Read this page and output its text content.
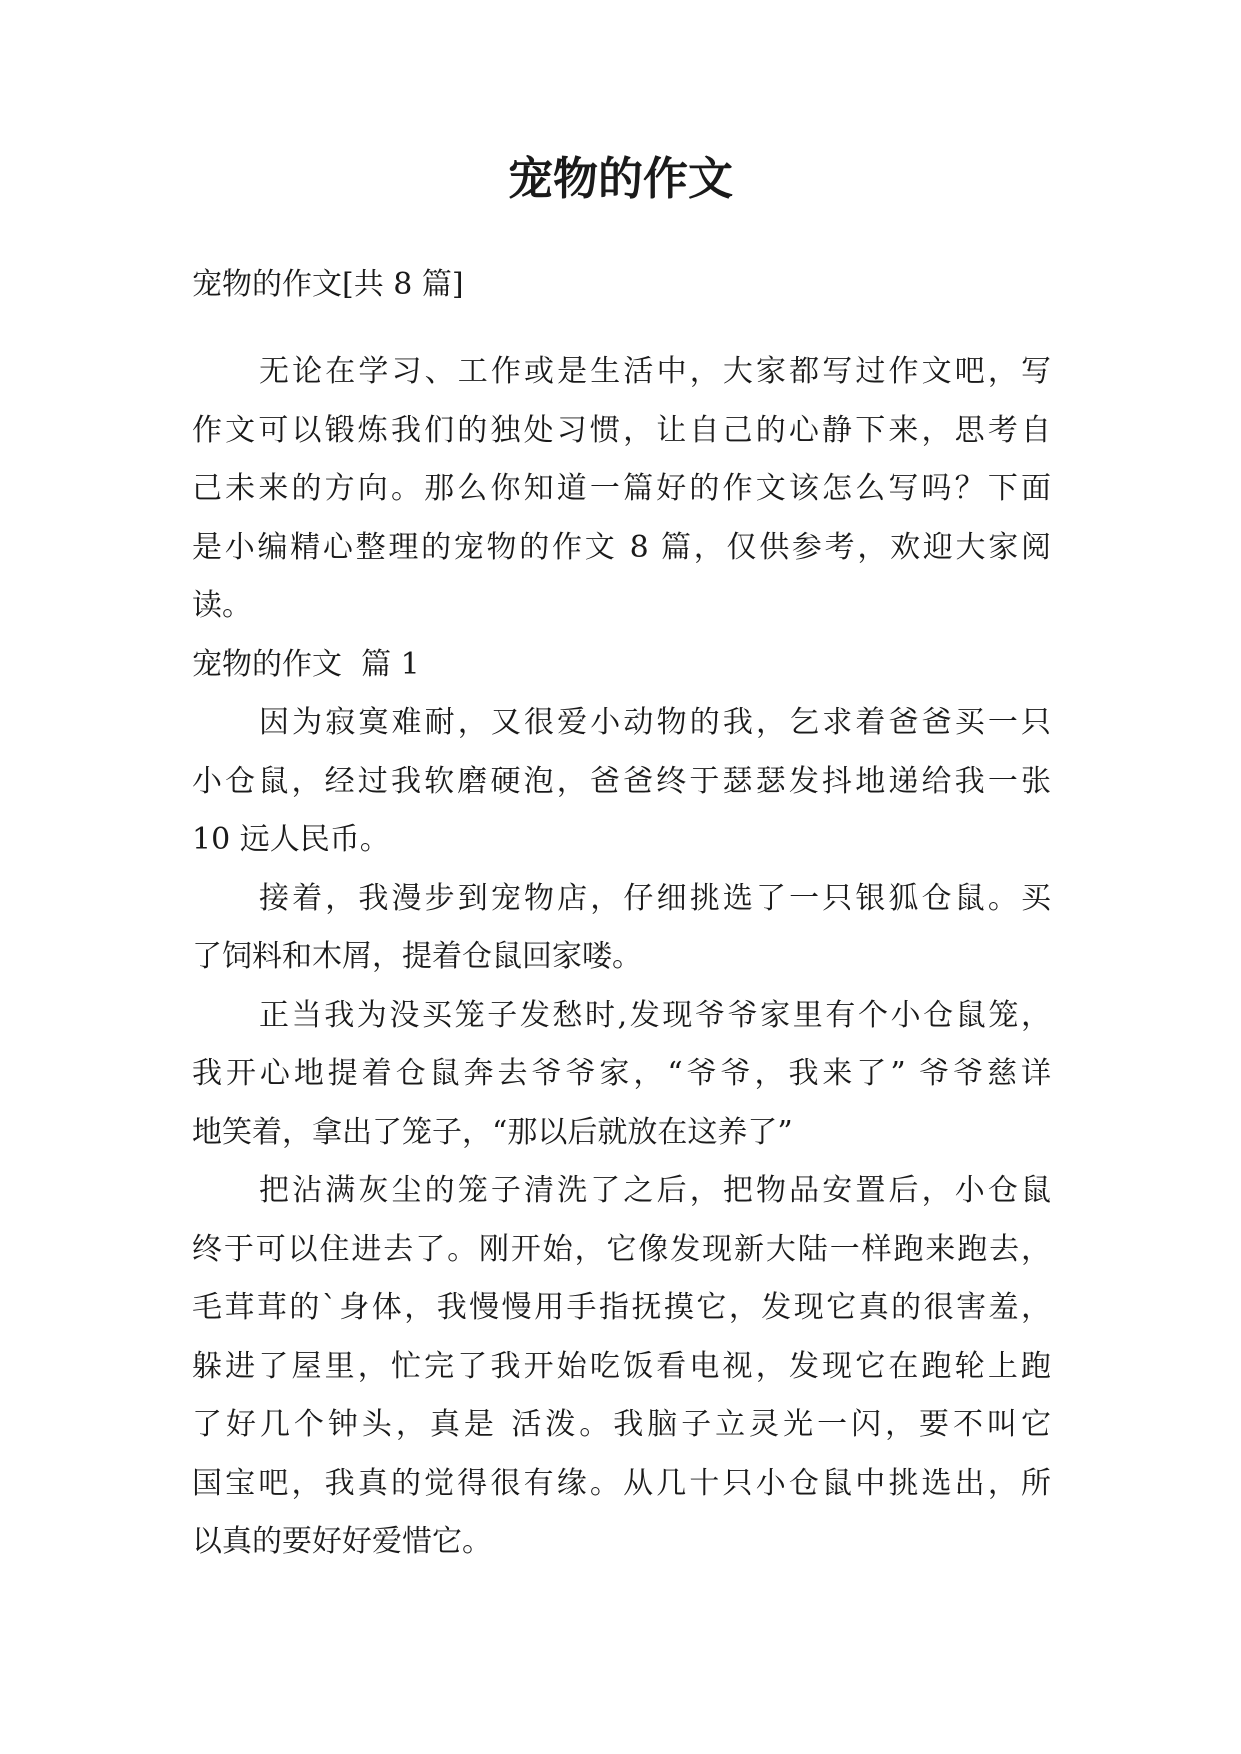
宠物的作文
宠物的作文[共 8 篇]
无论在学习、工作或是生活中，大家都写过作文吧，写
作文可以锻炼我们的独处习惯，让自己的心静下来，思考自
己未来的方向。那么你知道一篇好的作文该怎么写吗？下面
是小编精心整理的宠物的作文 8 篇，仅供参考，欢迎大家阅
读。
宠物的作文  篇 1
因为寂寞难耐，又很爱小动物的我，乞求着爸爸买一只
小仓鼠，经过我软磨硬泡，爸爸终于瑟瑟发抖地递给我一张
10 远人民币。
接着，我漫步到宠物店，仔细挑选了一只银狐仓鼠。买
了饲料和木屑，提着仓鼠回家喽。
正当我为没买笼子发愁时,发现爷爷家里有个小仓鼠笼，
我开心地提着仓鼠奔去爷爷家，“爷爷，我来了” 爷爷慈详
地笑着，拿出了笼子，“那以后就放在这养了”
把沾满灰尘的笼子清洗了之后，把物品安置后，小仓鼠
终于可以住进去了。刚开始，它像发现新大陆一样跑来跑去，
毛茸茸的`身体，我慢慢用手指抚摸它，发现它真的很害羞，
躲进了屋里，忙完了我开始吃饭看电视，发现它在跑轮上跑
了好几个钟头，真是 活泼。我脑子立灵光一闪，要不叫它
国宝吧，我真的觉得很有缘。从几十只小仓鼠中挑选出，所
以真的要好好爱惜它。
